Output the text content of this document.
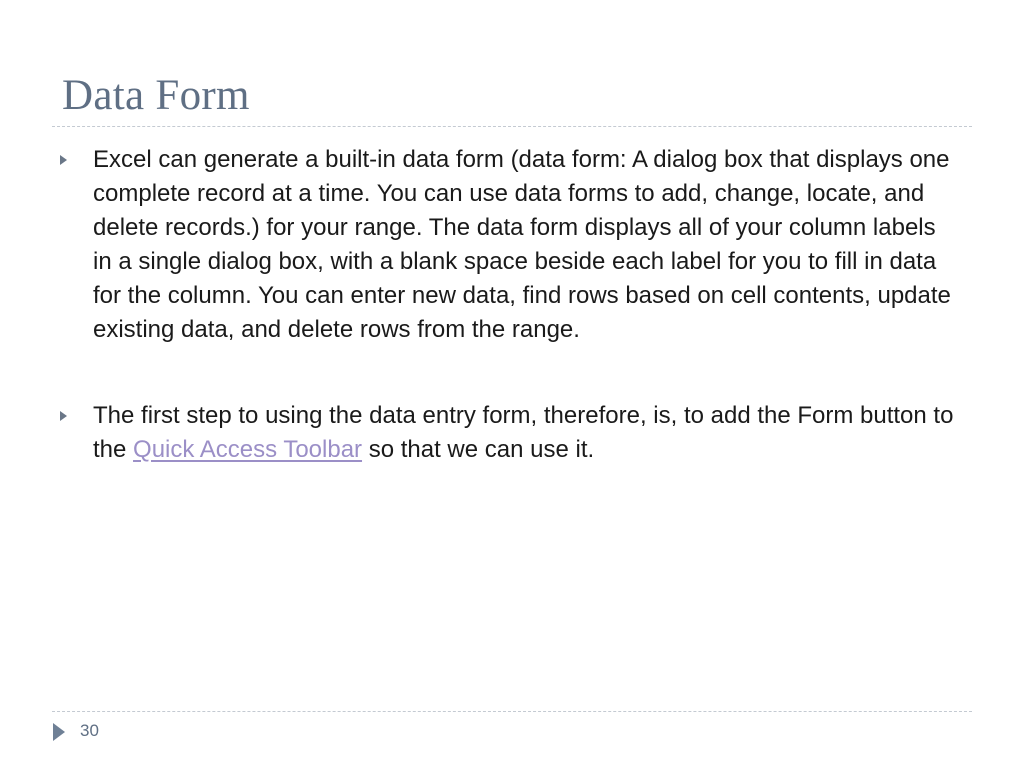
Data Form
Excel can generate a built-in data form (data form: A dialog box that displays one complete record at a time. You can use data forms to add, change, locate, and delete records.) for your range. The data form displays all of your column labels in a single dialog box, with a blank space beside each label for you to fill in data for the column. You can enter new data, find rows based on cell contents, update existing data, and delete rows from the range.
The first step to using the data entry form, therefore, is, to add the Form button to the Quick Access Toolbar so that we can use it.
30
